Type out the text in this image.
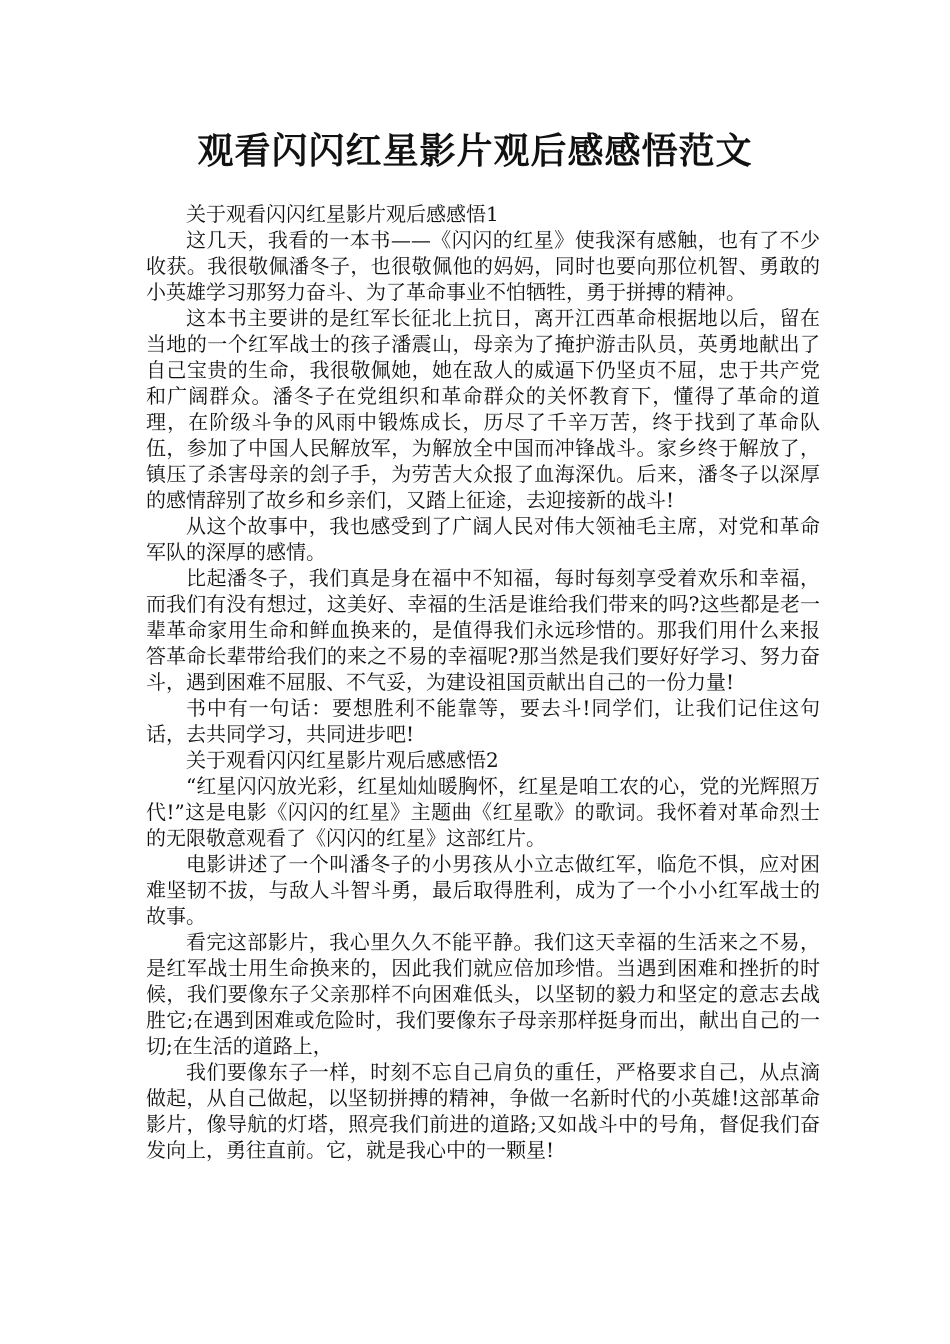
观看闪闪红星影片观后感感悟范文

关于观看闪闪红星影片观后感感悟1

这几天，我看的一本书——《闪闪的红星》使我深有感触，也有了不少收获。我很敬佩潘冬子，也很敬佩他的妈妈，同时也要向那位机智、勇敢的小英雄学习那努力奋斗、为了革命事业不怕牺牲，勇于拼搏的精神。

这本书主要讲的是红军长征北上抗日，离开江西革命根据地以后，留在当地的一个红军战士的孩子潘震山，母亲为了掩护游击队员，英勇地献出了自己宝贵的生命，我很敬佩她，她在敌人的威逼下仍坚贞不屈，忠于共产党和广阔群众。潘冬子在党组织和革命群众的关怀教育下，懂得了革命的道理，在阶级斗争的风雨中锻炼成长，历尽了千辛万苦，终于找到了革命队伍，参加了中国人民解放军，为解放全中国而冲锋战斗。家乡终于解放了，镇压了杀害母亲的刽子手，为劳苦大众报了血海深仇。后来，潘冬子以深厚的感情辞别了故乡和乡亲们，又踏上征途，去迎接新的战斗!

从这个故事中，我也感受到了广阔人民对伟大领袖毛主席，对党和革命军队的深厚的感情。

比起潘冬子，我们真是身在福中不知福，每时每刻享受着欢乐和幸福，而我们有没有想过，这美好、幸福的生活是谁给我们带来的吗?这些都是老一辈革命家用生命和鲜血换来的，是值得我们永远珍惜的。那我们用什么来报答革命长辈带给我们的来之不易的幸福呢?那当然是我们要好好学习、努力奋斗，遇到困难不屈服、不气妥，为建设祖国贡献出自己的一份力量!

书中有一句话：要想胜利不能靠等，要去斗!同学们，让我们记住这句话，去共同学习，共同进步吧!

关于观看闪闪红星影片观后感感悟2

“红星闪闪放光彩，红星灿灿暖胸怀，红星是咱工农的心，党的光辉照万代!”这是电影《闪闪的红星》主题曲《红星歌》的歌词。我怀着对革命烈士的无限敬意观看了《闪闪的红星》这部红片。

电影讲述了一个叫潘冬子的小男孩从小立志做红军，临危不惧，应对困难坚韧不拔，与敌人斗智斗勇，最后取得胜利，成为了一个小小红军战士的故事。

看完这部影片，我心里久久不能平静。我们这天幸福的生活来之不易，是红军战士用生命换来的，因此我们就应倍加珍惜。当遇到困难和挫折的时候，我们要像东子父亲那样不向困难低头，以坚韧的毅力和坚定的意志去战胜它;在遇到困难或危险时，我们要像东子母亲那样挺身而出，献出自己的一切;在生活的道路上，

我们要像东子一样，时刻不忘自己肩负的重任，严格要求自己，从点滴做起，从自己做起，以坚韧拼搏的精神，争做一名新时代的小英雄!这部革命影片，像导航的灯塔，照亮我们前进的道路;又如战斗中的号角，督促我们奋发向上，勇往直前。它，就是我心中的一颗星!
